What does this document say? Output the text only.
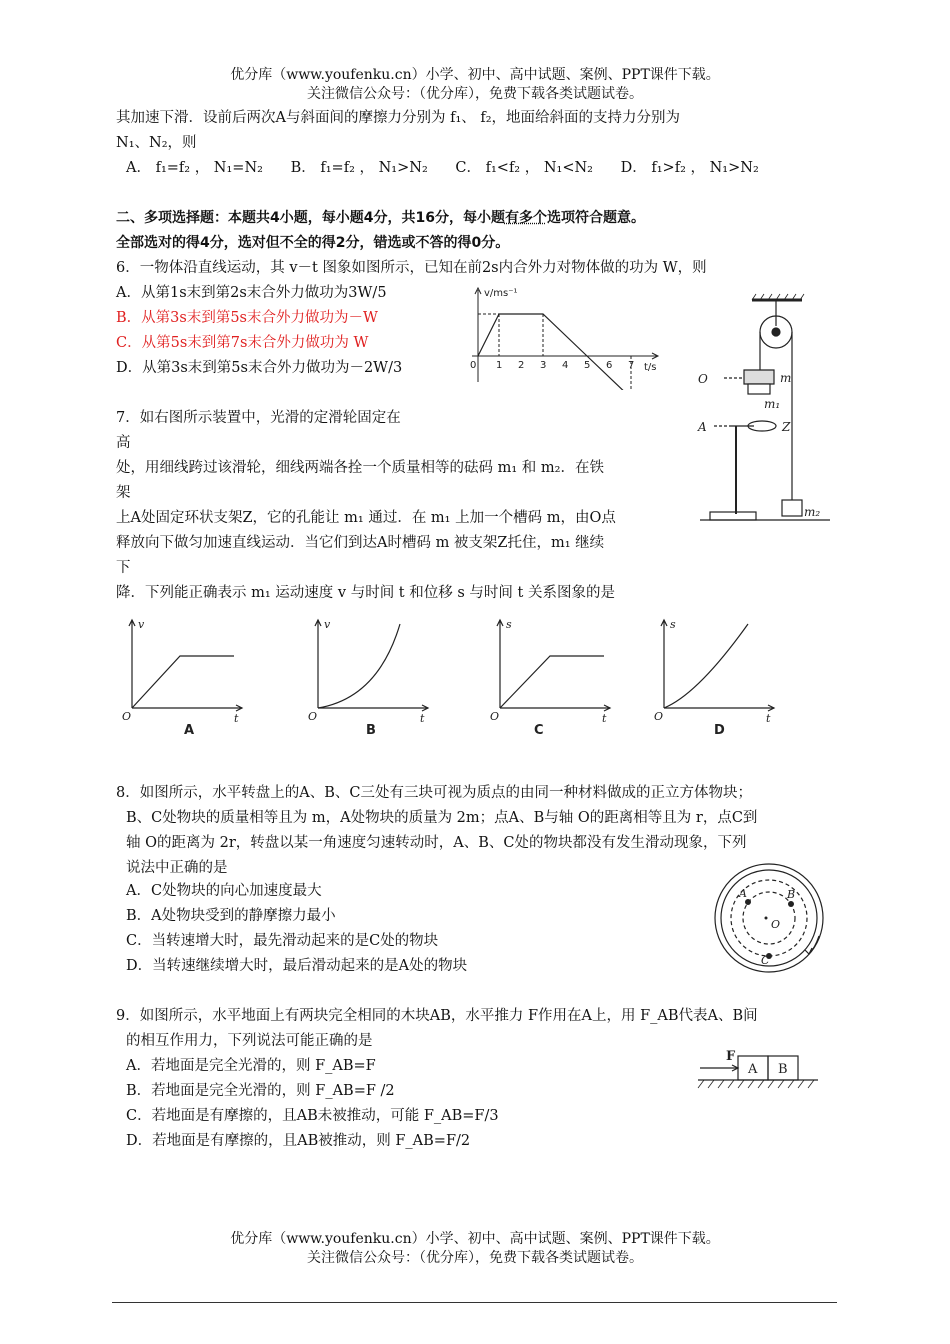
优分库（www.youfenku.cn）小学、初中、高中试题、案例、PPT课件下载。
关注微信公众号：（优分库），免费下载各类试题试卷。
其加速下滑．设前后两次A与斜面间的摩擦力分别为 f₁、 f₂，地面给斜面的支持力分别为
N₁、N₂，则
A． f₁=f₂ ， N₁=N₂      B． f₁=f₂ ， N₁>N₂      C． f₁<f₂ ， N₁<N₂      D． f₁>f₂ ， N₁>N₂
二、多项选择题：本题共4小题，每小题4分，共16分，每小题有多个选项符合题意。
全部选对的得4分，选对但不全的得2分，错选或不答的得0分。
6．一物体沿直线运动，其 v－t 图象如图所示，已知在前2s内合外力对物体做的功为 W，则
A．从第1s末到第2s末合外力做功为3W/5
B．从第3s末到第5s末合外力做功为－W
C．从第5s末到第7s末合外力做功为 W
D．从第3s末到第5s末合外力做功为－2W/3
v/ms⁻¹
t/s
0 1 2 3 4 5 6 7
O	m
m₁
A	Z
m₂
7．如右图所示装置中，光滑的定滑轮固定在
高
处，用细线跨过该滑轮，细线两端各拴一个质量相等的砝码 m₁ 和 m₂．在铁
架
上A处固定环状支架Z，它的孔能让 m₁ 通过．在 m₁ 上加一个槽码 m，由O点
释放向下做匀加速直线运动．当它们到达A时槽码 m 被支架Z托住，m₁ 继续
下
降．下列能正确表示 m₁ 运动速度 v 与时间 t 和位移 s 与时间 t 关系图象的是
v
t
O
v
t
O
s
t
O
s
t
O
A	B	C	D
8．如图所示，水平转盘上的A、B、C三处有三块可视为质点的由同一种材料做成的正立方体物块；
B、C处物块的质量相等且为 m，A处物块的质量为 2m；点A、B与轴 O的距离相等且为 r，点C到
轴 O的距离为 2r，转盘以某一角速度匀速转动时，A、B、C处的物块都没有发生滑动现象，下列
说法中正确的是
A．C处物块的向心加速度最大
B．A处物块受到的静摩擦力最小
C．当转速增大时，最先滑动起来的是C处的物块
D．当转速继续增大时，最后滑动起来的是A处的物块
A	B
C
O
9．如图所示，水平地面上有两块完全相同的木块AB，水平推力 F作用在A上，用 F_AB代表A、B间
的相互作用力，下列说法可能正确的是
A．若地面是完全光滑的，则 F_AB=F
B．若地面是完全光滑的，则 F_AB=F /2
C．若地面是有摩擦的，且AB未被推动，可能 F_AB=F/3
D．若地面是有摩擦的，且AB被推动，则 F_AB=F/2
F
A B
优分库（www.youfenku.cn）小学、初中、高中试题、案例、PPT课件下载。
关注微信公众号：（优分库），免费下载各类试题试卷。
